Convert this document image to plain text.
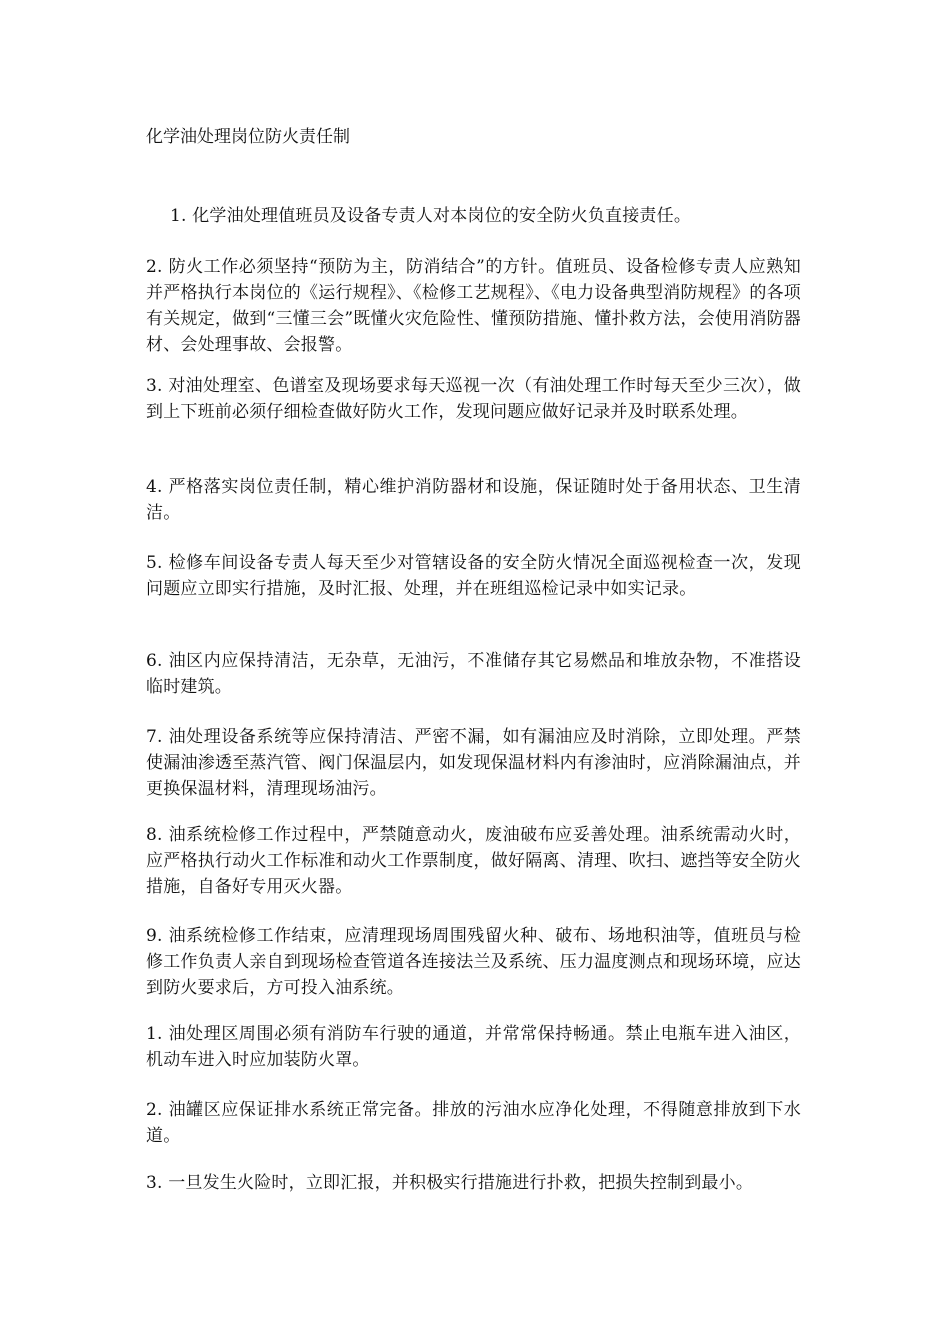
化学油处理岗位防火责任制

1. 化学油处理值班员及设备专责人对本岗位的安全防火负直接责任。

2. 防火工作必须坚持“预防为主，防消结合”的方针。值班员、设备检修专责人应熟知并严格执行本岗位的《运行规程》、《检修工艺规程》、《电力设备典型消防规程》的各项有关规定，做到“三懂三会”既懂火灾危险性、懂预防措施、懂扑救方法，会使用消防器材、会处理事故、会报警。

3. 对油处理室、色谱室及现场要求每天巡视一次（有油处理工作时每天至少三次），做到上下班前必须仔细检查做好防火工作，发现问题应做好记录并及时联系处理。

4. 严格落实岗位责任制，精心维护消防器材和设施，保证随时处于备用状态、卫生清洁。

5. 检修车间设备专责人每天至少对管辖设备的安全防火情况全面巡视检查一次，发现问题应立即实行措施，及时汇报、处理，并在班组巡检记录中如实记录。

6. 油区内应保持清洁，无杂草，无油污，不准储存其它易燃品和堆放杂物，不准搭设临时建筑。

7. 油处理设备系统等应保持清洁、严密不漏，如有漏油应及时消除，立即处理。严禁使漏油渗透至蒸汽管、阀门保温层内，如发现保温材料内有渗油时，应消除漏油点，并更换保温材料，清理现场油污。

8. 油系统检修工作过程中，严禁随意动火，废油破布应妥善处理。油系统需动火时，应严格执行动火工作标准和动火工作票制度，做好隔离、清理、吹扫、遮挡等安全防火措施，自备好专用灭火器。

9. 油系统检修工作结束，应清理现场周围残留火种、破布、场地积油等，值班员与检修工作负责人亲自到现场检查管道各连接法兰及系统、压力温度测点和现场环境，应达到防火要求后，方可投入油系统。

1. 油处理区周围必须有消防车行驶的通道，并常常保持畅通。禁止电瓶车进入油区，机动车进入时应加装防火罩。

2. 油罐区应保证排水系统正常完备。排放的污油水应净化处理，不得随意排放到下水道。

3. 一旦发生火险时，立即汇报，并积极实行措施进行扑救，把损失控制到最小。
